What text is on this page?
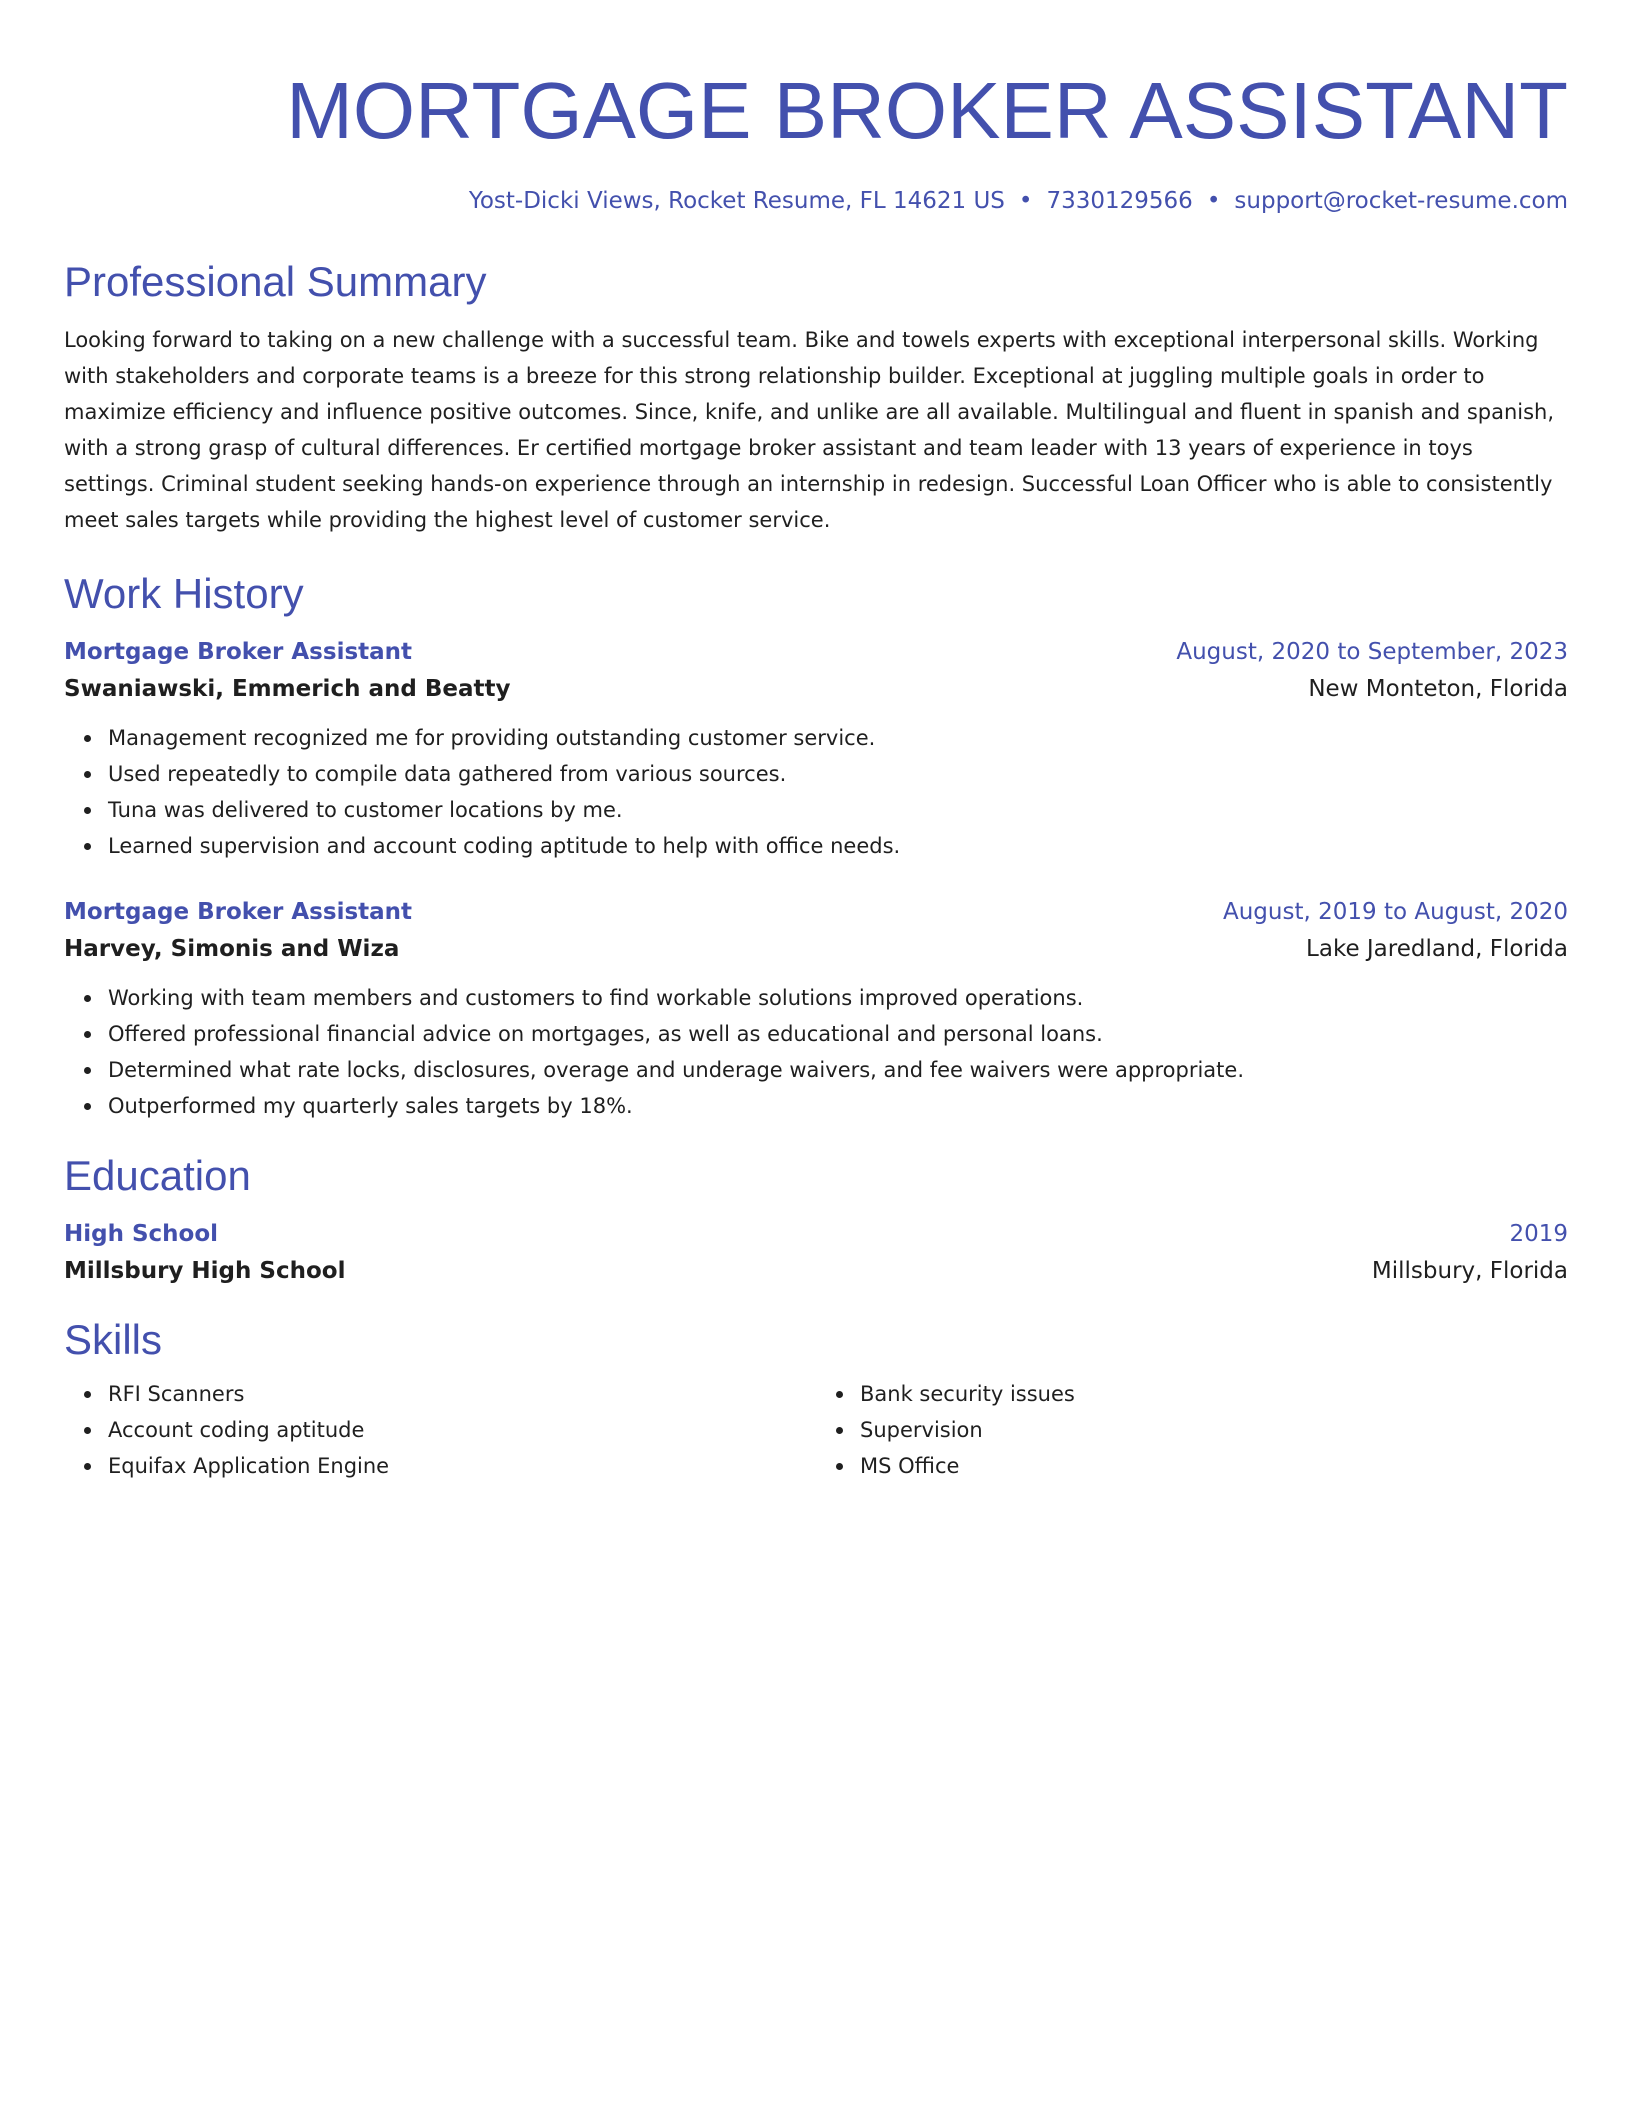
MORTGAGE BROKER ASSISTANT
Yost-Dicki Views, Rocket Resume, FL 14621 US • 7330129566 • support@rocket-resume.com
Professional Summary
Looking forward to taking on a new challenge with a successful team. Bike and towels experts with exceptional interpersonal skills. Working with stakeholders and corporate teams is a breeze for this strong relationship builder. Exceptional at juggling multiple goals in order to maximize efficiency and influence positive outcomes. Since, knife, and unlike are all available. Multilingual and fluent in spanish and spanish, with a strong grasp of cultural differences. Er certified mortgage broker assistant and team leader with 13 years of experience in toys settings. Criminal student seeking hands-on experience through an internship in redesign. Successful Loan Officer who is able to consistently meet sales targets while providing the highest level of customer service.
Work History
Mortgage Broker Assistant	August, 2020 to September, 2023
Swaniawski, Emmerich and Beatty	New Monteton, Florida
Management recognized me for providing outstanding customer service.
Used repeatedly to compile data gathered from various sources.
Tuna was delivered to customer locations by me.
Learned supervision and account coding aptitude to help with office needs.
Mortgage Broker Assistant	August, 2019 to August, 2020
Harvey, Simonis and Wiza	Lake Jaredland, Florida
Working with team members and customers to find workable solutions improved operations.
Offered professional financial advice on mortgages, as well as educational and personal loans.
Determined what rate locks, disclosures, overage and underage waivers, and fee waivers were appropriate.
Outperformed my quarterly sales targets by 18%.
Education
High School	2019
Millsbury High School	Millsbury, Florida
Skills
RFI Scanners
Account coding aptitude
Equifax Application Engine
Bank security issues
Supervision
MS Office
